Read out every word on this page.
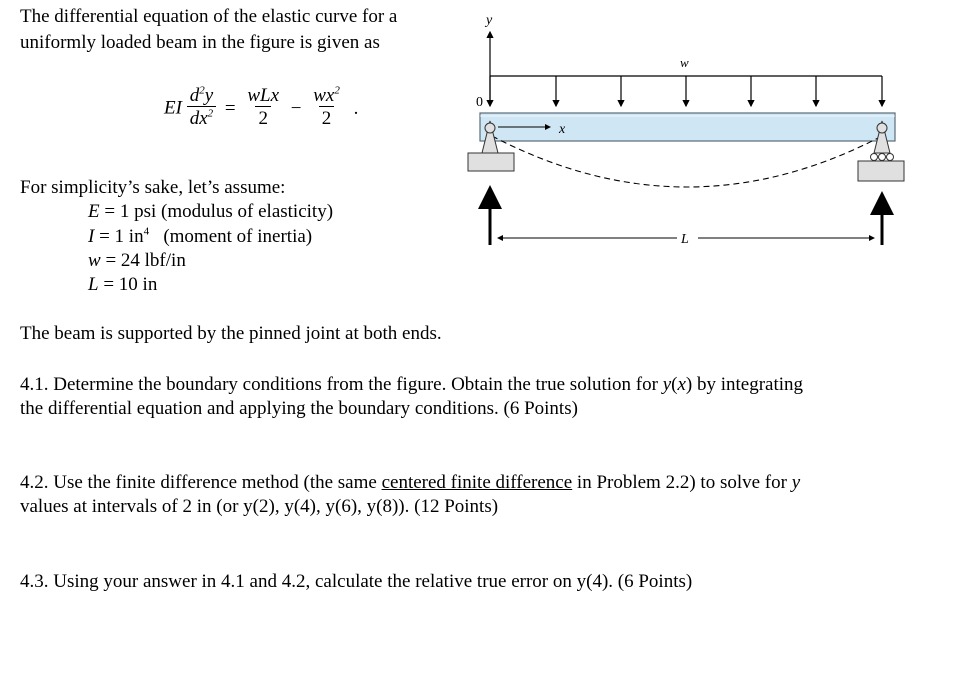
The differential equation of the elastic curve for a
uniformly loaded beam in the figure is given as
EI $\frac{d^2y}{dx^2} = \frac{\text{wLx}}{2} - \frac{wx^2}{2}$ .
For simplicity’s sake, let’s assume:
E = 1 psi (modulus of elasticity)
I = 1 $in^4$   (moment of inertia)
w = 24 lbf/in
L = 10 in
The beam is supported by the pinned joint at both ends.
4.1. Determine the boundary conditions from the figure. Obtain the true solution for y(x) by integrating
the differential equation and applying the boundary conditions. (6 Points)
4.2. Use the finite difference method (the same centered finite difference in Problem 2.2) to solve for y
values at intervals of 2 in (or y(2), y(4), y(6), y(8)). (12 Points)
4.3. Using your answer in 4.1 and 4.2, calculate the relative true error on y(4). (6 Points)
y
w
0
x
L
